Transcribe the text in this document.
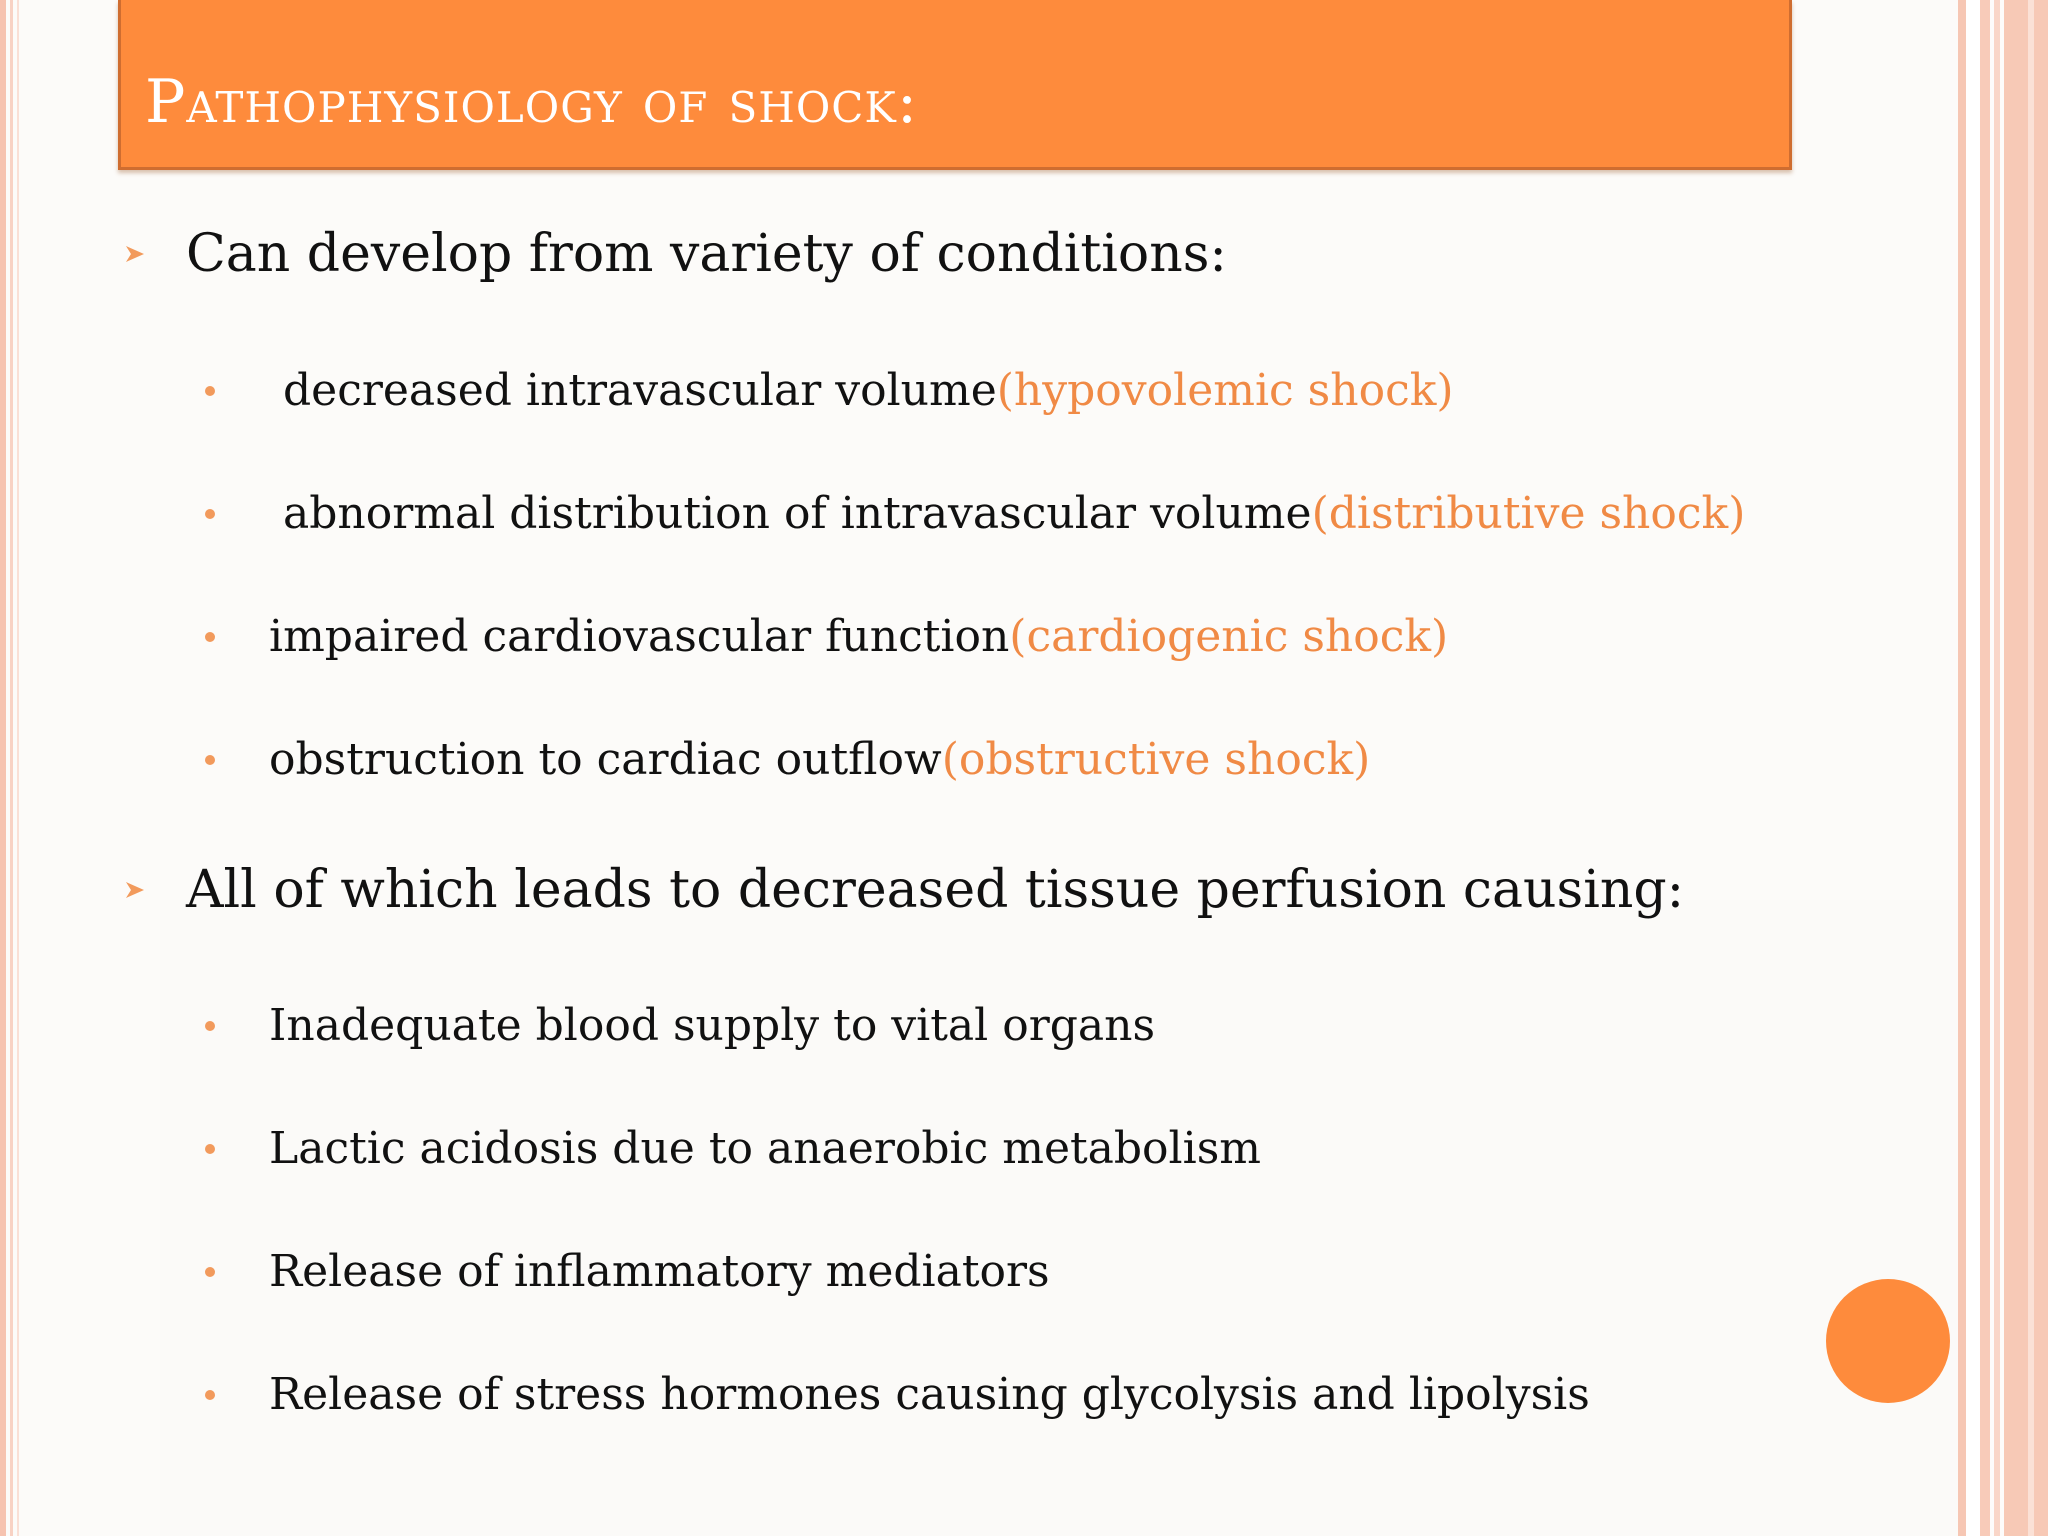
Pathophysiology of shock:
Can develop from variety of conditions:
decreased intravascular volume (hypovolemic shock)
abnormal distribution of intravascular volume (distributive shock)
impaired cardiovascular function (cardiogenic shock)
obstruction to cardiac outflow (obstructive shock)
All of which leads to decreased tissue perfusion causing:
Inadequate blood supply to vital organs
Lactic acidosis due to anaerobic metabolism
Release of inflammatory mediators
Release of stress hormones causing glycolysis and lipolysis
